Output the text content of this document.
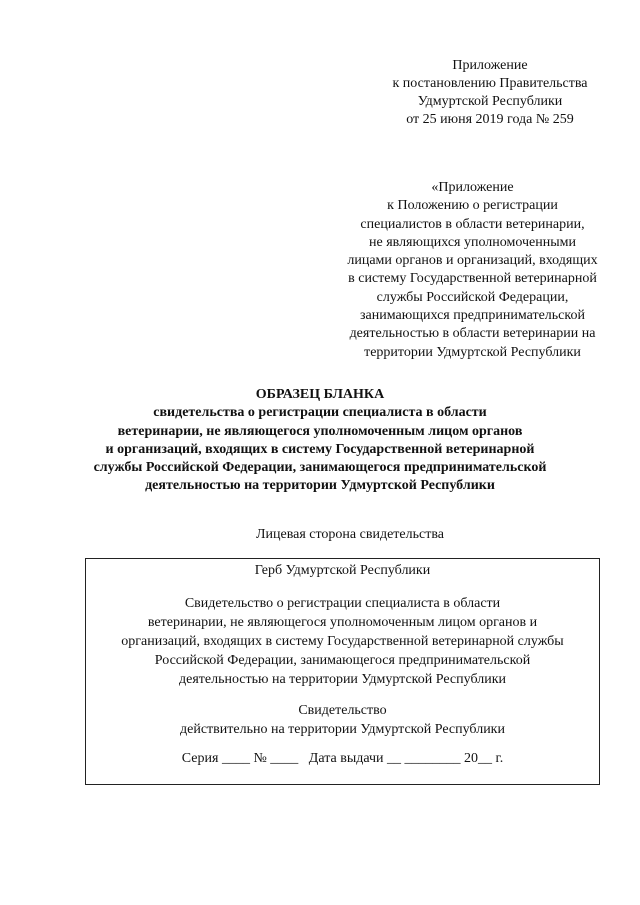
Приложение
к постановлению Правительства
Удмуртской Республики
от 25 июня 2019 года № 259
«Приложение
к Положению о регистрации
специалистов в области ветеринарии,
не являющихся уполномоченными
лицами органов и организаций, входящих
в систему Государственной ветеринарной
службы Российской Федерации,
занимающихся предпринимательской
деятельностью в области ветеринарии на
территории Удмуртской Республики
ОБРАЗЕЦ БЛАНКА
свидетельства о регистрации специалиста в области
ветеринарии, не являющегося уполномоченным лицом органов
и организаций, входящих в систему Государственной ветеринарной
службы Российской Федерации, занимающегося предпринимательской
деятельностью на территории Удмуртской Республики
Лицевая сторона свидетельства
Герб Удмуртской Республики
Свидетельство о регистрации специалиста в области
ветеринарии, не являющегося уполномоченным лицом органов и
организаций, входящих в систему Государственной ветеринарной службы
Российской Федерации, занимающегося предпринимательской
деятельностью на территории Удмуртской Республики
Свидетельство
действительно на территории Удмуртской Республики
Серия ____ № ____   Дата выдачи __ ________ 20__ г.
